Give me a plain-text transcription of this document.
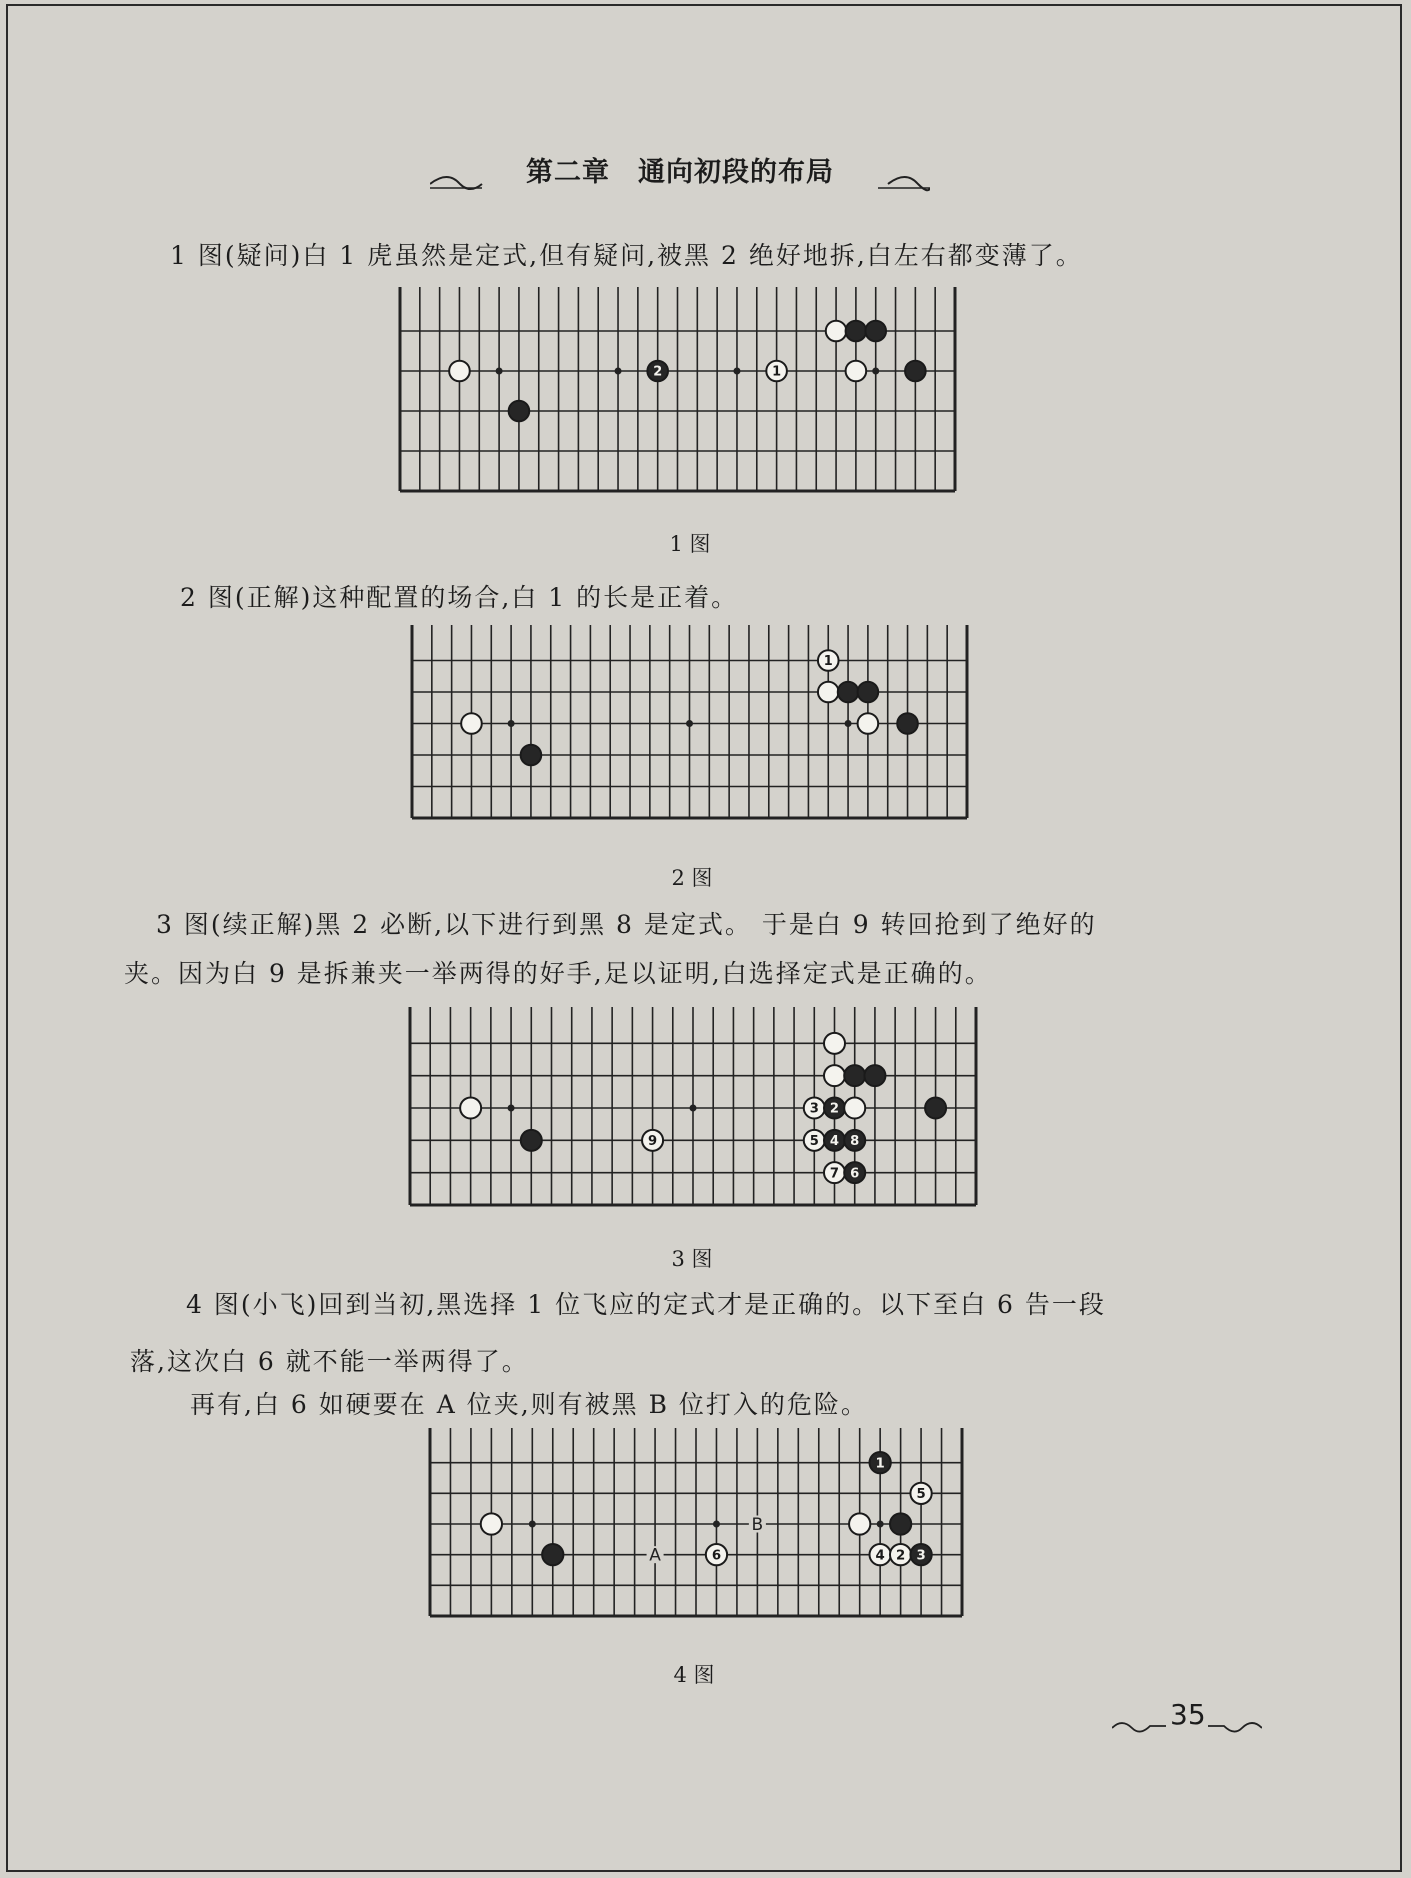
第二章　通向初段的布局

1 图(疑问)白 1 虎虽然是定式,但有疑问,被黑 2 绝好地拆,白左右都变薄了。

2	1
1 图

2 图(正解)这种配置的场合,白 1 的长是正着。

1
2 图

3 图(续正解)黑 2 必断,以下进行到黑 8 是定式。 于是白 9 转回抢到了绝好的

夹。因为白 9 是拆兼夹一举两得的好手,足以证明,白选择定式是正确的。

9
3 2
5 4 8
7 6
3 图

4 图(小飞)回到当初,黑选择 1 位飞应的定式才是正确的。以下至白 6 告一段

落,这次白 6 就不能一举两得了。

再有,白 6 如硬要在 A 位夹,则有被黑 B 位打入的危险。

A
B
6
1
5
4 2 3
4 图
35
